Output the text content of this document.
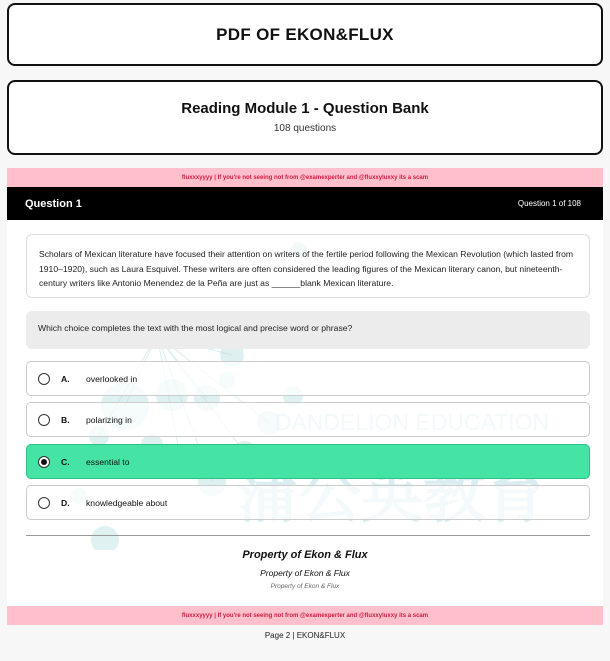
PDF OF EKON&FLUX
Reading Module 1 - Question Bank
108 questions
fluxxxyyyy | If you're not seeing not from @examexperter and @fluxxyluxxy its a scam
Question 1	Question 1 of 108
Scholars of Mexican literature have focused their attention on writers of the fertile period following the Mexican Revolution (which lasted from 1910–1920), such as Laura Esquivel. These writers are often considered the leading figures of the Mexican literary canon, but nineteenth-century writers like Antonio Menendez de la Peña are just as ______blank Mexican literature.
Which choice completes the text with the most logical and precise word or phrase?
A.	overlooked in
B.	polarizing in
C.	essential to
D.	knowledgeable about
Property of Ekon & Flux
Property of Ekon & Flux
Property of Ekon & Flux
fluxxxyyyy | If you're not seeing not from @examexperter and @fluxxyluxxy its a scam
Page 2 | EKON&FLUX
